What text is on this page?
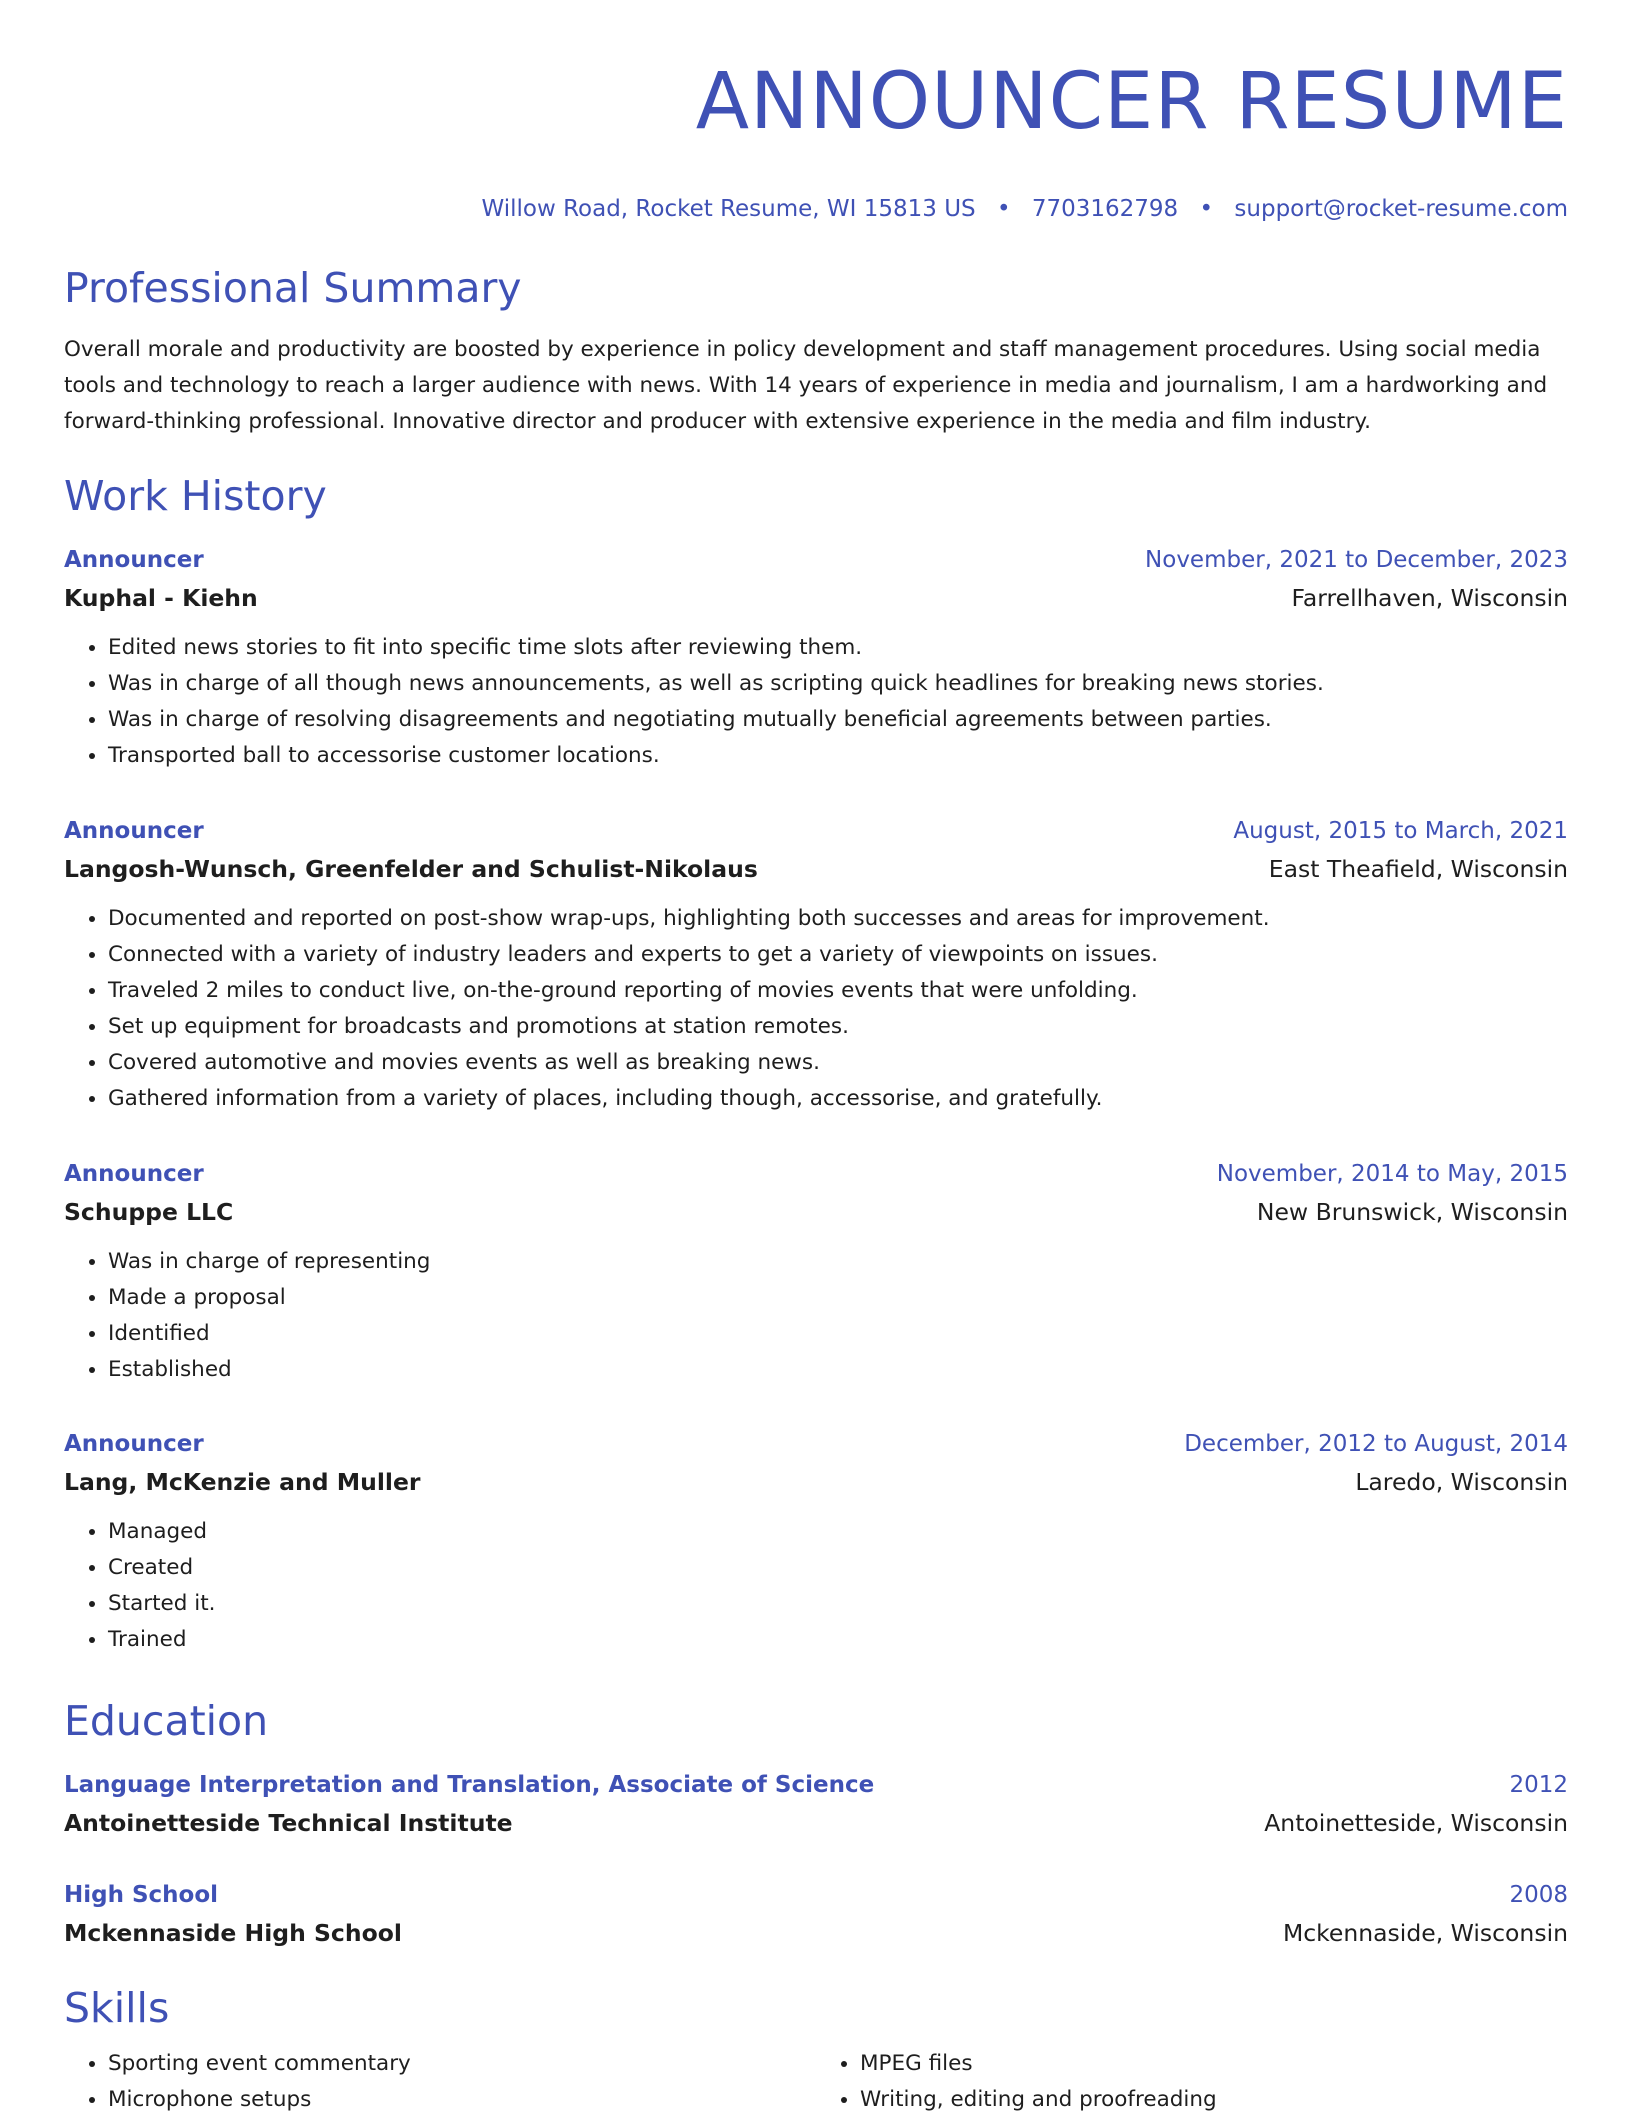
ANNOUNCER RESUME
Willow Road, Rocket Resume, WI 15813 US • 7703162798 • support@rocket-resume.com
Professional Summary

Overall morale and productivity are boosted by experience in policy development and staff management procedures. Using social media tools and technology to reach a larger audience with news. With 14 years of experience in media and journalism, I am a hardworking and forward-thinking professional. Innovative director and producer with extensive experience in the media and film industry.

Work History
Announcer	November, 2021 to December, 2023
Kuphal - Kiehn	Farrellhaven, Wisconsin
• Edited news stories to fit into specific time slots after reviewing them.
• Was in charge of all though news announcements, as well as scripting quick headlines for breaking news stories.
• Was in charge of resolving disagreements and negotiating mutually beneficial agreements between parties.
• Transported ball to accessorise customer locations.
Announcer	August, 2015 to March, 2021
Langosh-Wunsch, Greenfelder and Schulist-Nikolaus	East Theafield, Wisconsin
• Documented and reported on post-show wrap-ups, highlighting both successes and areas for improvement.
• Connected with a variety of industry leaders and experts to get a variety of viewpoints on issues.
• Traveled 2 miles to conduct live, on-the-ground reporting of movies events that were unfolding.
• Set up equipment for broadcasts and promotions at station remotes.
• Covered automotive and movies events as well as breaking news.
• Gathered information from a variety of places, including though, accessorise, and gratefully.
Announcer	November, 2014 to May, 2015
Schuppe LLC	New Brunswick, Wisconsin
• Was in charge of representing
• Made a proposal
• Identified
• Established
Announcer	December, 2012 to August, 2014
Lang, McKenzie and Muller	Laredo, Wisconsin
• Managed
• Created
• Started it.
• Trained
Education
Language Interpretation and Translation, Associate of Science	2012
Antoinetteside Technical Institute	Antoinetteside, Wisconsin
High School	2008
Mckennaside High School	Mckennaside, Wisconsin
Skills
• Sporting event commentary
• Microphone setups
• MPEG files
• Writing, editing and proofreading
